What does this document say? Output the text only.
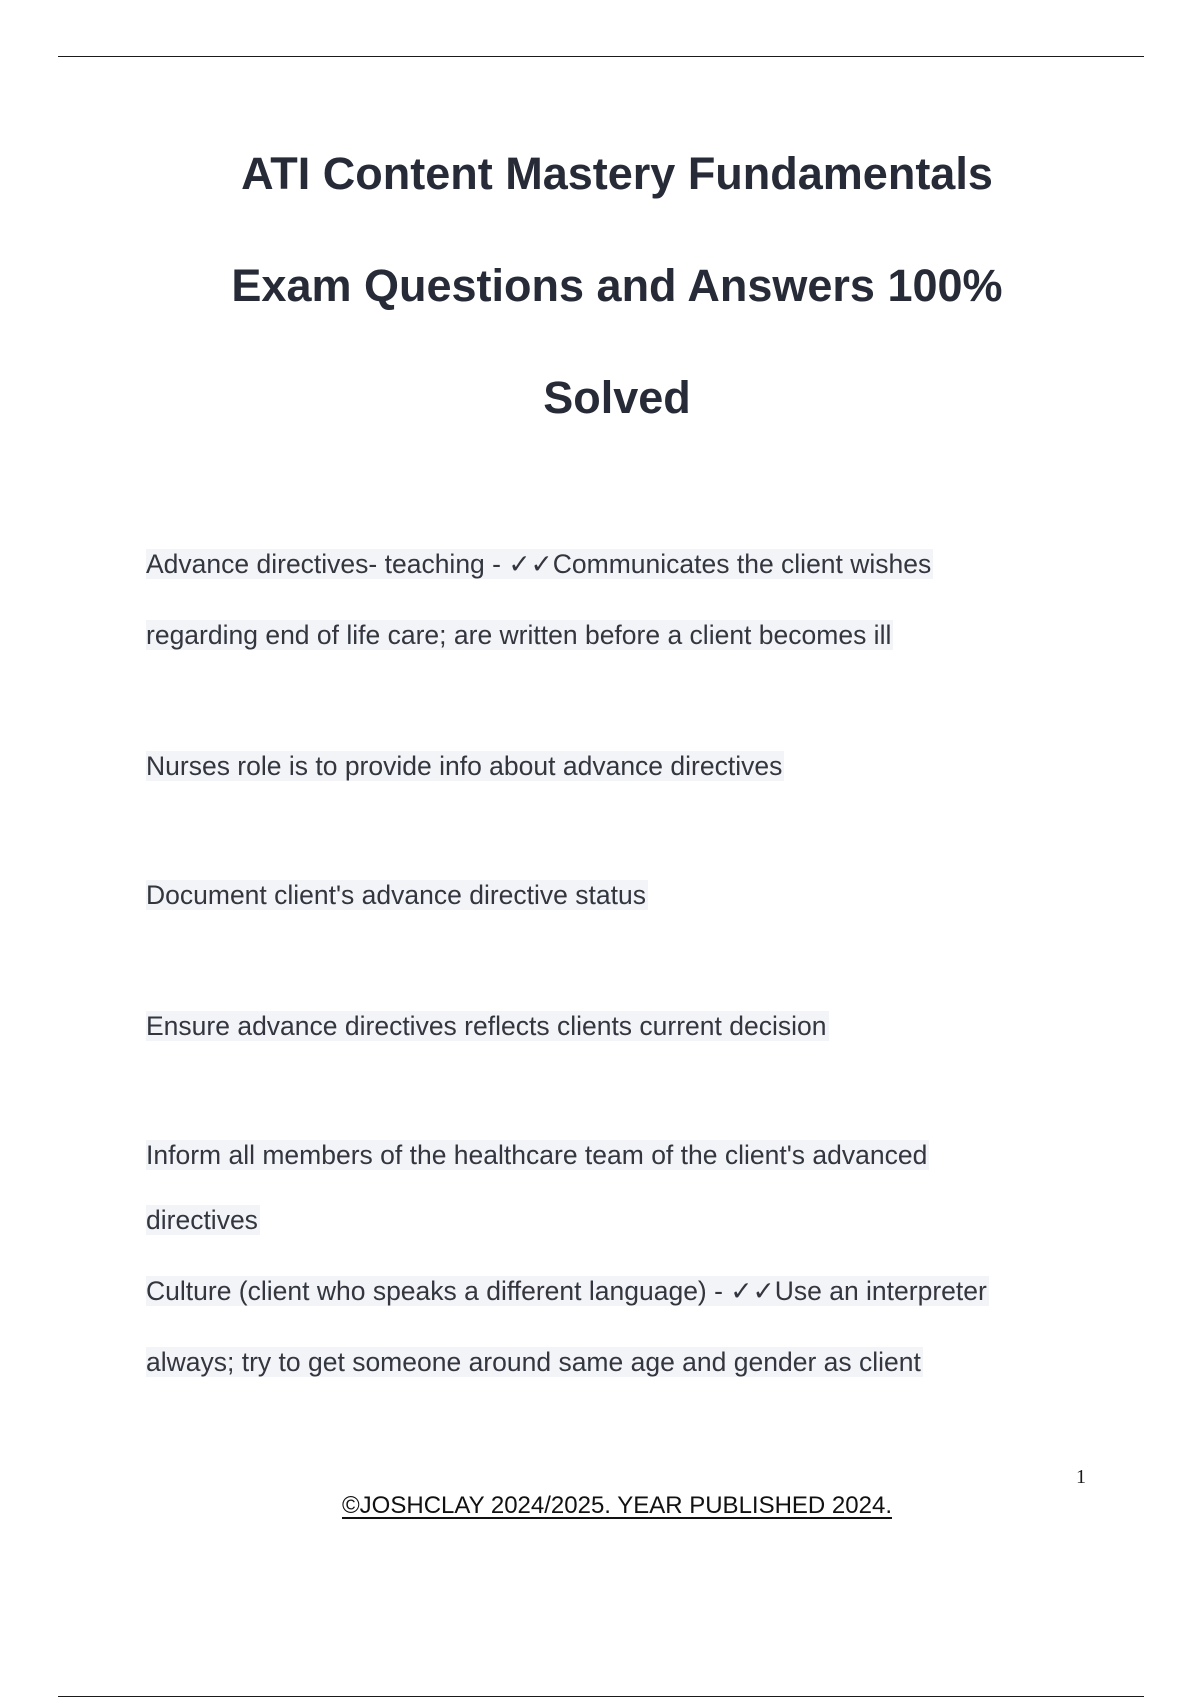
ATI Content Mastery Fundamentals
Exam Questions and Answers 100%
Solved
Advance directives- teaching - ✓✓Communicates the client wishes
regarding end of life care; are written before a client becomes ill
Nurses role is to provide info about advance directives
Document client's advance directive status
Ensure advance directives reflects clients current decision
Inform all members of the healthcare team of the client's advanced
directives
Culture (client who speaks a different language) - ✓✓Use an interpreter
always; try to get someone around same age and gender as client
1
©JOSHCLAY 2024/2025. YEAR PUBLISHED 2024.
